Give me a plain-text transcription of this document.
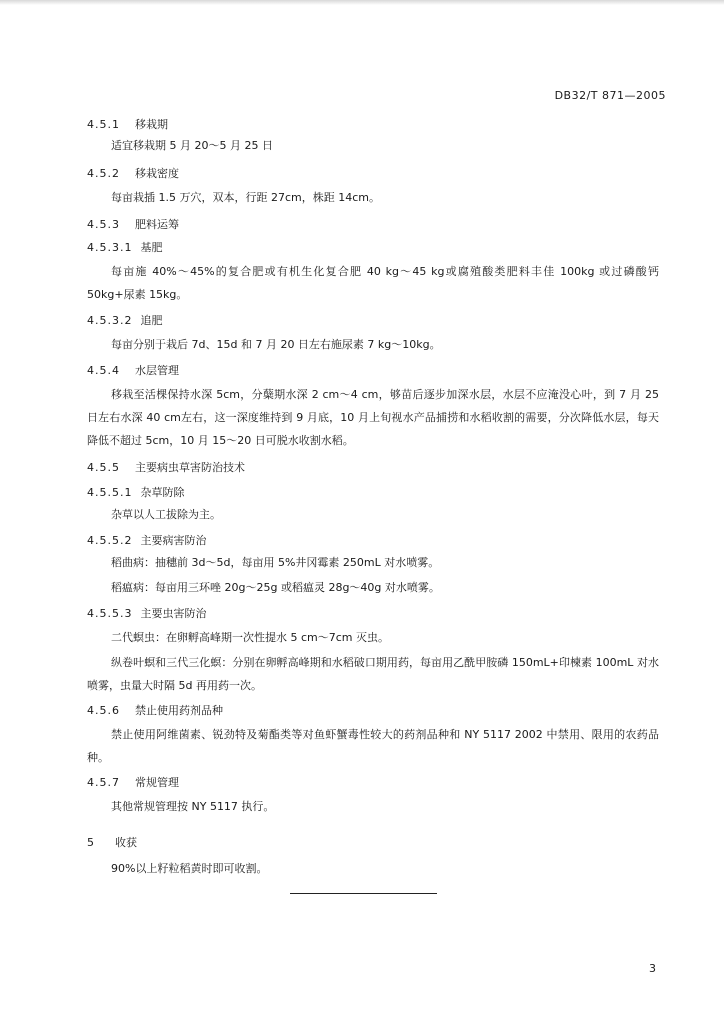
DB32/T 871—2005
4.5.1 移栽期
适宜移栽期 5 月 20～5 月 25 日
4.5.2 移栽密度
每亩栽插 1.5 万穴，双本，行距 27cm，株距 14cm。
4.5.3 肥料运筹
4.5.3.1 基肥
每亩施 40%～45%的复合肥或有机生化复合肥 40 kg～45 kg或腐殖酸类肥料丰佳 100kg 或过磷酸钙 50kg+尿素 15kg。
4.5.3.2 追肥
每亩分别于栽后 7d、15d 和 7 月 20 日左右施尿素 7 kg～10kg。
4.5.4 水层管理
移栽至活棵保持水深 5cm，分蘖期水深 2 cm～4 cm，够苗后逐步加深水层，水层不应淹没心叶，到 7 月 25 日左右水深 40 cm左右，这一深度维持到 9 月底，10 月上旬视水产品捕捞和水稻收割的需要，分次降低水层，每天降低不超过 5cm，10 月 15～20 日可脱水收割水稻。
4.5.5 主要病虫草害防治技术
4.5.5.1 杂草防除
杂草以人工拔除为主。
4.5.5.2 主要病害防治
稻曲病：抽穗前 3d～5d，每亩用 5%井冈霉素 250mL 对水喷雾。
稻瘟病：每亩用三环唑 20g～25g 或稻瘟灵 28g～40g 对水喷雾。
4.5.5.3 主要虫害防治
二代螟虫：在卵孵高峰期一次性提水 5 cm～7cm 灭虫。
纵卷叶螟和三代三化螟：分别在卵孵高峰期和水稻破口期用药，每亩用乙酰甲胺磷 150mL+印楝素 100mL 对水喷雾，虫量大时隔 5d 再用药一次。
4.5.6 禁止使用药剂品种
禁止使用阿维菌素、锐劲特及菊酯类等对鱼虾蟹毒性较大的药剂品种和 NY 5117 2002 中禁用、限用的农药品种。
4.5.7 常规管理
其他常规管理按 NY 5117 执行。
5 收获
90%以上籽粒稻黄时即可收割。
3
